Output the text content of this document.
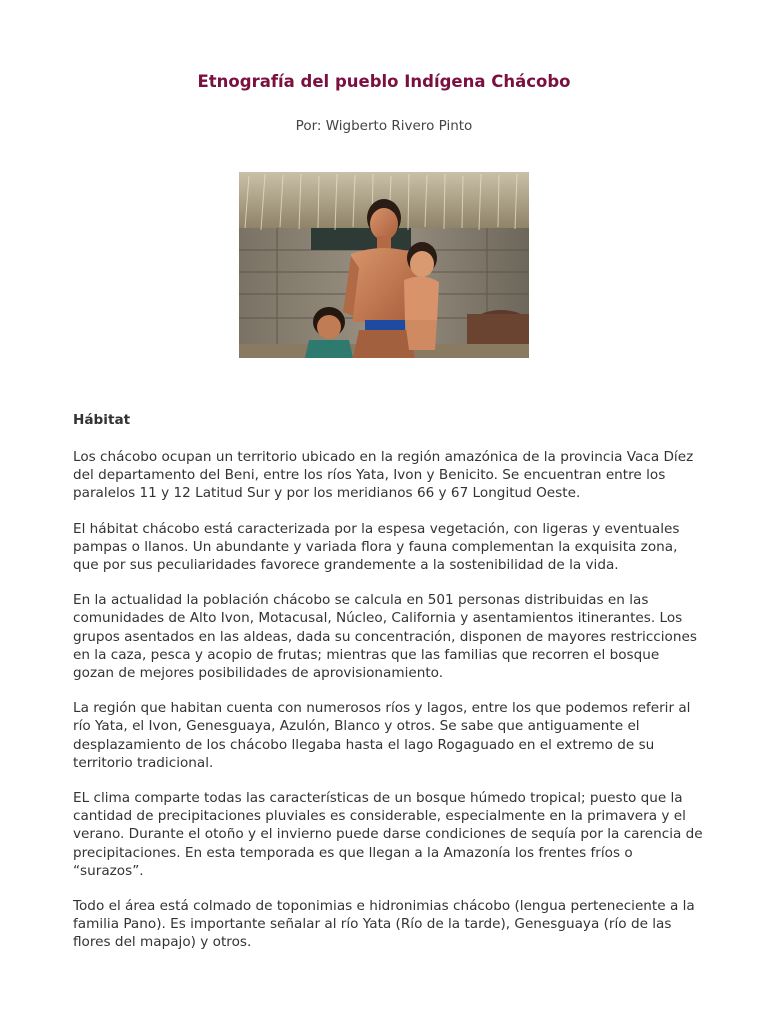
Etnografía del pueblo Indígena Chácobo

Por: Wigberto Rivero Pinto

Hábitat

Los chácobo ocupan un territorio ubicado en la región amazónica de la provincia Vaca Díez del departamento del Beni, entre los ríos Yata, Ivon y Benicito. Se encuentran entre los paralelos 11 y 12 Latitud Sur y por los meridianos 66 y 67 Longitud Oeste.

El hábitat chácobo está caracterizada por la espesa vegetación, con ligeras y eventuales pampas o llanos. Un abundante y variada flora y fauna complementan la exquisita zona, que por sus peculiaridades favorece grandemente a la sostenibilidad de la vida.

En la actualidad la población chácobo se calcula en 501 personas distribuidas en las comunidades de Alto Ivon, Motacusal, Núcleo, California y asentamientos itinerantes. Los grupos asentados en las aldeas, dada su concentración, disponen de mayores restricciones en la caza, pesca y acopio de frutas; mientras que las familias que recorren el bosque gozan de mejores posibilidades de aprovisionamiento.

La región que habitan cuenta con numerosos ríos y lagos, entre los que podemos referir al río Yata, el Ivon, Genesguaya, Azulón, Blanco y otros. Se sabe que antiguamente el desplazamiento de los chácobo llegaba hasta el lago Rogaguado en el extremo de su territorio tradicional.

EL clima comparte todas las características de un bosque húmedo tropical; puesto que la cantidad de precipitaciones pluviales es considerable, especialmente en la primavera y el verano. Durante el otoño y el invierno puede darse condiciones de sequía por la carencia de precipitaciones. En esta temporada es que llegan a la Amazonía los frentes fríos o “surazos”.

Todo el área está colmado de toponimias e hidronimias chácobo (lengua perteneciente a la familia Pano). Es importante señalar al río Yata (Río de la tarde), Genesguaya (río de las flores del mapajo) y otros.
